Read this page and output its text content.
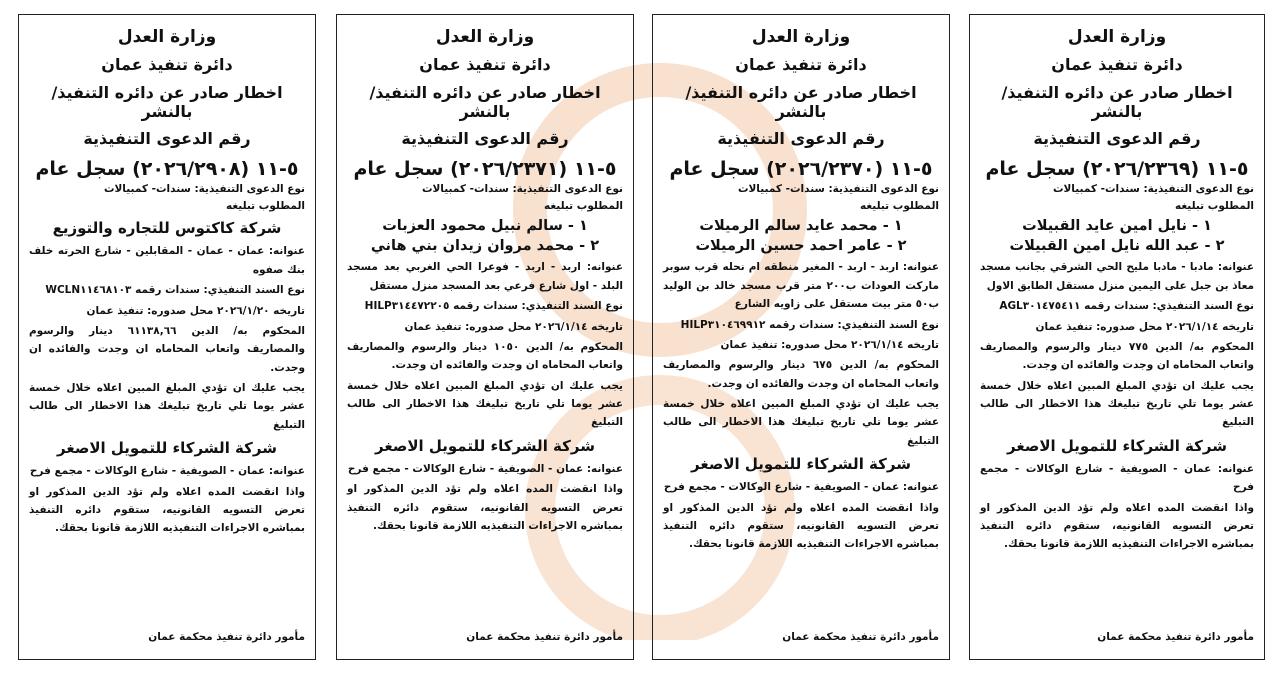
وزارة العدل

دائرة تنفيذ عمان

اخطار صادر عن دائره التنفيذ/ بالنشر

رقم الدعوى التنفيذية

٥-١١ (٢٠٢٦/٢٣٦٩) سجل عام

نوع الدعوى التنفيذية: سندات- كمبيالات

المطلوب تبليغه

١ - نايل امين عايد القبيلات

٢ - عبد الله نايل امين القبيلات

عنوانه: مادبا - مادبا مليح الحي الشرقي بجانب مسجد معاذ بن جبل على اليمين منزل مستقل الطابق الاول

نوع السند التنفيذي: سندات رقمه AGL٣٠١٤٧٥٤١١

تاريخه ٢٠٢٦/١/١٤ محل صدوره: تنفيذ عمان

المحكوم به/ الدين ٧٧٥ دينار والرسوم والمصاريف واتعاب المحاماه ان وجدت والفائده ان وجدت.

يجب عليك ان تؤدي المبلغ المبين اعلاه خلال خمسة عشر يوما تلي تاريخ تبليغك هذا الاخطار الى طالب التبليغ

شركة الشركاء للتمويل الاصغر

عنوانه: عمان - الصويفية - شارع الوكالات - مجمع فرح

واذا انقضت المده اعلاه ولم تؤد الدين المذكور او تعرض التسويه القانونيه، ستقوم دائره التنفيذ بمباشره الاجراءات التنفيذيه اللازمة قانونا بحقك.

مأمور دائرة تنفيذ محكمة عمان

وزارة العدل

دائرة تنفيذ عمان

اخطار صادر عن دائره التنفيذ/ بالنشر

رقم الدعوى التنفيذية

٥-١١ (٢٠٢٦/٢٣٧٠) سجل عام

نوع الدعوى التنفيذية: سندات- كمبيالات

المطلوب تبليغه

١ - محمد عايد سالم الرميلات

٢ - عامر احمد حسين الرميلات

عنوانه: اربد - اربد - المغير منطقه ام نحله قرب سوبر ماركت العودات ب٢٠٠ متر قرب مسجد خالد بن الوليد ب٥٠ متر بيت مستقل على زاويه الشارع

نوع السند التنفيذي: سندات رقمه HILP٣١٠٤٦٩٩١٢

تاريخه ٢٠٢٦/١/١٤ محل صدوره: تنفيذ عمان

المحكوم به/ الدين ٦٧٥ دينار والرسوم والمصاريف واتعاب المحاماه ان وجدت والفائده ان وجدت.

يجب عليك ان تؤدي المبلغ المبين اعلاه خلال خمسة عشر يوما تلي تاريخ تبليغك هذا الاخطار الى طالب التبليغ

شركة الشركاء للتمويل الاصغر

عنوانه: عمان - الصويفية - شارع الوكالات - مجمع فرح

واذا انقضت المده اعلاه ولم تؤد الدين المذكور او تعرض التسويه القانونيه، ستقوم دائره التنفيذ بمباشره الاجراءات التنفيذيه اللازمة قانونا بحقك.

مأمور دائرة تنفيذ محكمة عمان

وزارة العدل

دائرة تنفيذ عمان

اخطار صادر عن دائره التنفيذ/ بالنشر

رقم الدعوى التنفيذية

٥-١١ (٢٠٢٦/٢٣٧١) سجل عام

نوع الدعوى التنفيذية: سندات- كمبيالات

المطلوب تبليغه

١ - سالم نبيل محمود العزبات

٢ - محمد مروان زيدان بني هاني

عنوانه: اربد - اربد - فوعرا الحي الغربي بعد مسجد البلد - اول شارع فرعي بعد المسجد منزل مستقل

نوع السند التنفيذي: سندات رقمه HILP٣١٤٤٧٢٢٠٥

تاريخه ٢٠٢٦/١/١٤ محل صدوره: تنفيذ عمان

المحكوم به/ الدين ١٠٥٠ دينار والرسوم والمصاريف واتعاب المحاماه ان وجدت والفائده ان وجدت.

يجب عليك ان تؤدي المبلغ المبين اعلاه خلال خمسة عشر يوما تلي تاريخ تبليغك هذا الاخطار الى طالب التبليغ

شركة الشركاء للتمويل الاصغر

عنوانه: عمان - الصويفية - شارع الوكالات - مجمع فرح

واذا انقضت المده اعلاه ولم تؤد الدين المذكور او تعرض التسويه القانونيه، ستقوم دائره التنفيذ بمباشره الاجراءات التنفيذيه اللازمة قانونا بحقك.

مأمور دائرة تنفيذ محكمة عمان

وزارة العدل

دائرة تنفيذ عمان

اخطار صادر عن دائره التنفيذ/ بالنشر

رقم الدعوى التنفيذية

٥-١١ (٢٠٢٦/٢٩٠٨) سجل عام

نوع الدعوى التنفيذية: سندات- كمبيالات

المطلوب تبليغه

شركة كاكتوس للتجاره والتوزيع

عنوانه: عمان - عمان - المقابلين - شارع الحرته خلف بنك صفوه

نوع السند التنفيذي: سندات رقمه WCLN١١٤٦٨١٠٣

تاريخه ٢٠٢٦/١/٢٠ محل صدوره: تنفيذ عمان

المحكوم به/ الدين ٦١١٣٨,٦٦ دينار والرسوم والمصاريف واتعاب المحاماه ان وجدت والفائده ان وجدت.

يجب عليك ان تؤدي المبلغ المبين اعلاه خلال خمسة عشر يوما تلي تاريخ تبليغك هذا الاخطار الى طالب التبليغ

شركة الشركاء للتمويل الاصغر

عنوانه: عمان - الصويفية - شارع الوكالات - مجمع فرح

واذا انقضت المده اعلاه ولم تؤد الدين المذكور او تعرض التسويه القانونيه، ستقوم دائره التنفيذ بمباشره الاجراءات التنفيذيه اللازمة قانونا بحقك.

مأمور دائرة تنفيذ محكمة عمان
